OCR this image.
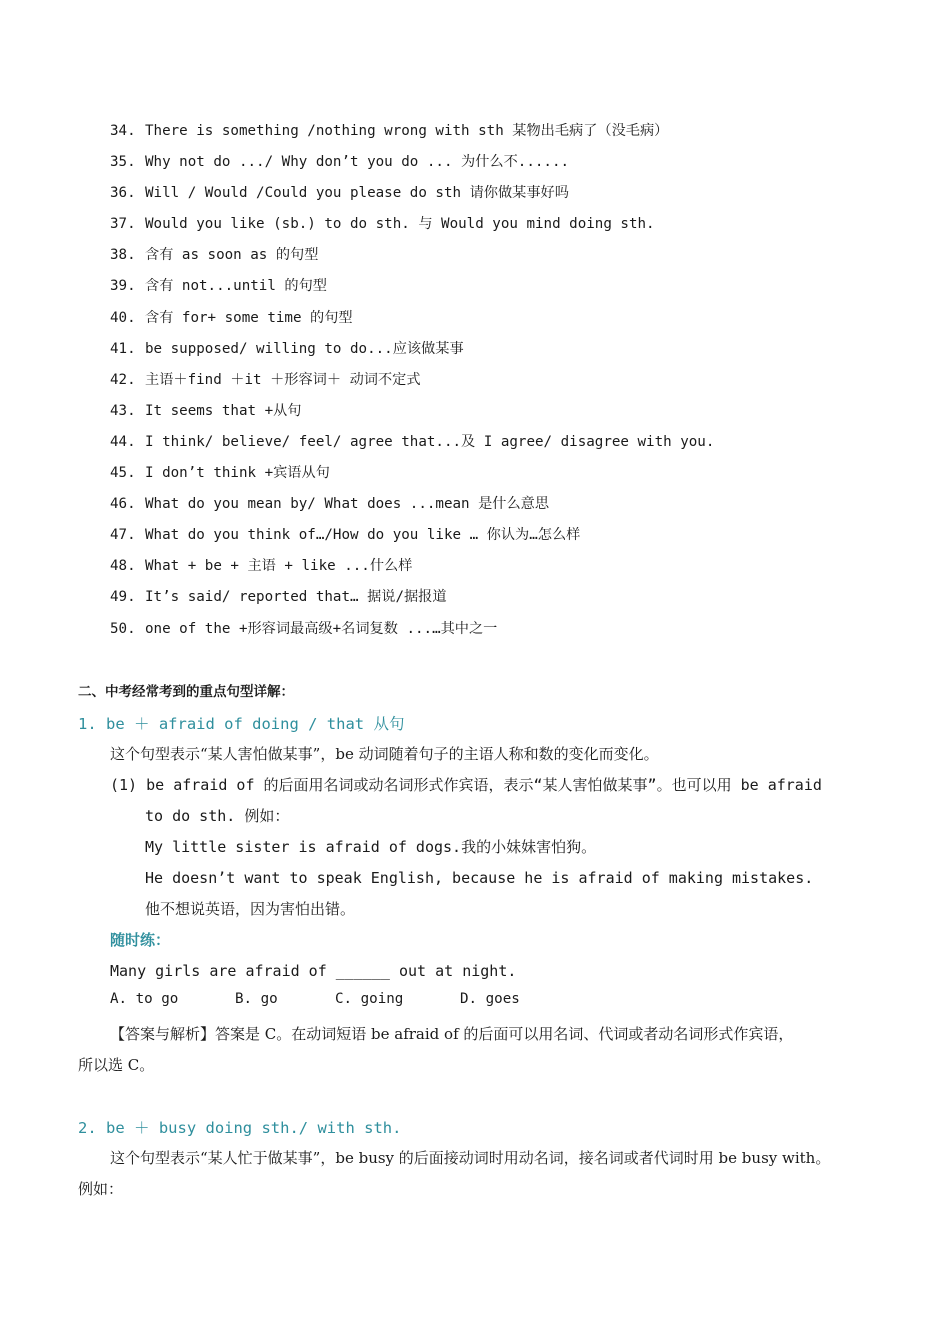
34. There is something /nothing wrong with sth 某物出毛病了（没毛病）
35. Why not do .../ Why don’t you do ... 为什么不......
36. Will / Would /Could you please do sth 请你做某事好吗
37. Would you like (sb.) to do sth. 与 Would you mind doing sth.
38. 含有 as soon as 的句型
39. 含有 not...until 的句型
40. 含有 for+ some time 的句型
41. be supposed/ willing to do...应该做某事
42. 主语＋find ＋it ＋形容词＋ 动词不定式
43. It seems that +从句
44. I think/ believe/ feel/ agree that...及 I agree/ disagree with you.
45. I don’t think +宾语从句
46. What do you mean by/ What does ...mean 是什么意思
47. What do you think of…/How do you like … 你认为…怎么样
48. What + be + 主语 + like ...什么样
49. It’s said/ reported that… 据说/据报道
50. one of the +形容词最高级+名词复数 ...…其中之一
二、中考经常考到的重点句型详解：
1. be ＋ afraid of doing / that 从句
这个句型表示“某人害怕做某事”，be 动词随着句子的主语人称和数的变化而变化。
(1) be afraid of 的后面用名词或动名词形式作宾语，表示“某人害怕做某事”。也可以用 be afraid
to do sth. 例如：
My little sister is afraid of dogs.我的小妹妹害怕狗。
He doesn’t want to speak English, because he is afraid of making mistakes.
他不想说英语，因为害怕出错。
随时练：
Many girls are afraid of ______ out at night.
A. to go	B. go	C. going	D. goes
【答案与解析】答案是 C。在动词短语 be afraid of 的后面可以用名词、代词或者动名词形式作宾语，
所以选 C。
2. be ＋ busy doing sth./ with sth.
这个句型表示“某人忙于做某事”，be busy 的后面接动词时用动名词，接名词或者代词时用 be busy with。
例如：
